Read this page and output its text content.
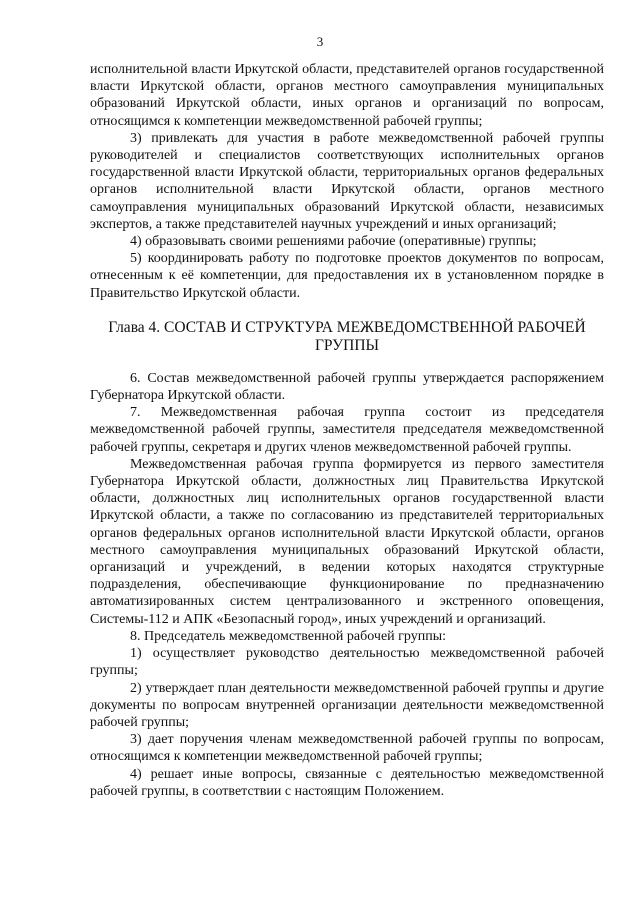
3

исполнительной власти Иркутской области, представителей органов государственной власти Иркутской области, органов местного самоуправления муниципальных образований Иркутской области, иных органов и организаций по вопросам, относящимся к компетенции межведомственной рабочей группы;

3) привлекать для участия в работе межведомственной рабочей группы руководителей и специалистов соответствующих исполнительных органов государственной власти Иркутской области, территориальных органов федеральных органов исполнительной власти Иркутской области, органов местного самоуправления муниципальных образований Иркутской области, независимых экспертов, а также представителей научных учреждений и иных организаций;

4) образовывать своими решениями рабочие (оперативные) группы;

5) координировать работу по подготовке проектов документов по вопросам, отнесенным к её компетенции, для предоставления их в установленном порядке в Правительство Иркутской области.

Глава 4. СОСТАВ И СТРУКТУРА МЕЖВЕДОМСТВЕННОЙ РАБОЧЕЙ ГРУППЫ

6. Состав межведомственной рабочей группы утверждается распоряжением Губернатора Иркутской области.

7. Межведомственная рабочая группа состоит из председателя межведомственной рабочей группы, заместителя председателя межведомственной рабочей группы, секретаря и других членов межведомственной рабочей группы.

Межведомственная рабочая группа формируется из первого заместителя Губернатора Иркутской области, должностных лиц Правительства Иркутской области, должностных лиц исполнительных органов государственной власти Иркутской области, а также по согласованию из представителей территориальных органов федеральных органов исполнительной власти Иркутской области, органов местного самоуправления муниципальных образований Иркутской области, организаций и учреждений, в ведении которых находятся структурные подразделения, обеспечивающие функционирование по предназначению автоматизированных систем централизованного и экстренного оповещения, Системы-112 и АПК «Безопасный город», иных учреждений и организаций.

8. Председатель межведомственной рабочей группы:

1) осуществляет руководство деятельностью межведомственной рабочей группы;

2) утверждает план деятельности межведомственной рабочей группы и другие документы по вопросам внутренней организации деятельности межведомственной рабочей группы;

3) дает поручения членам межведомственной рабочей группы по вопросам, относящимся к компетенции межведомственной рабочей группы;

4) решает иные вопросы, связанные с деятельностью межведомственной рабочей группы, в соответствии с настоящим Положением.
